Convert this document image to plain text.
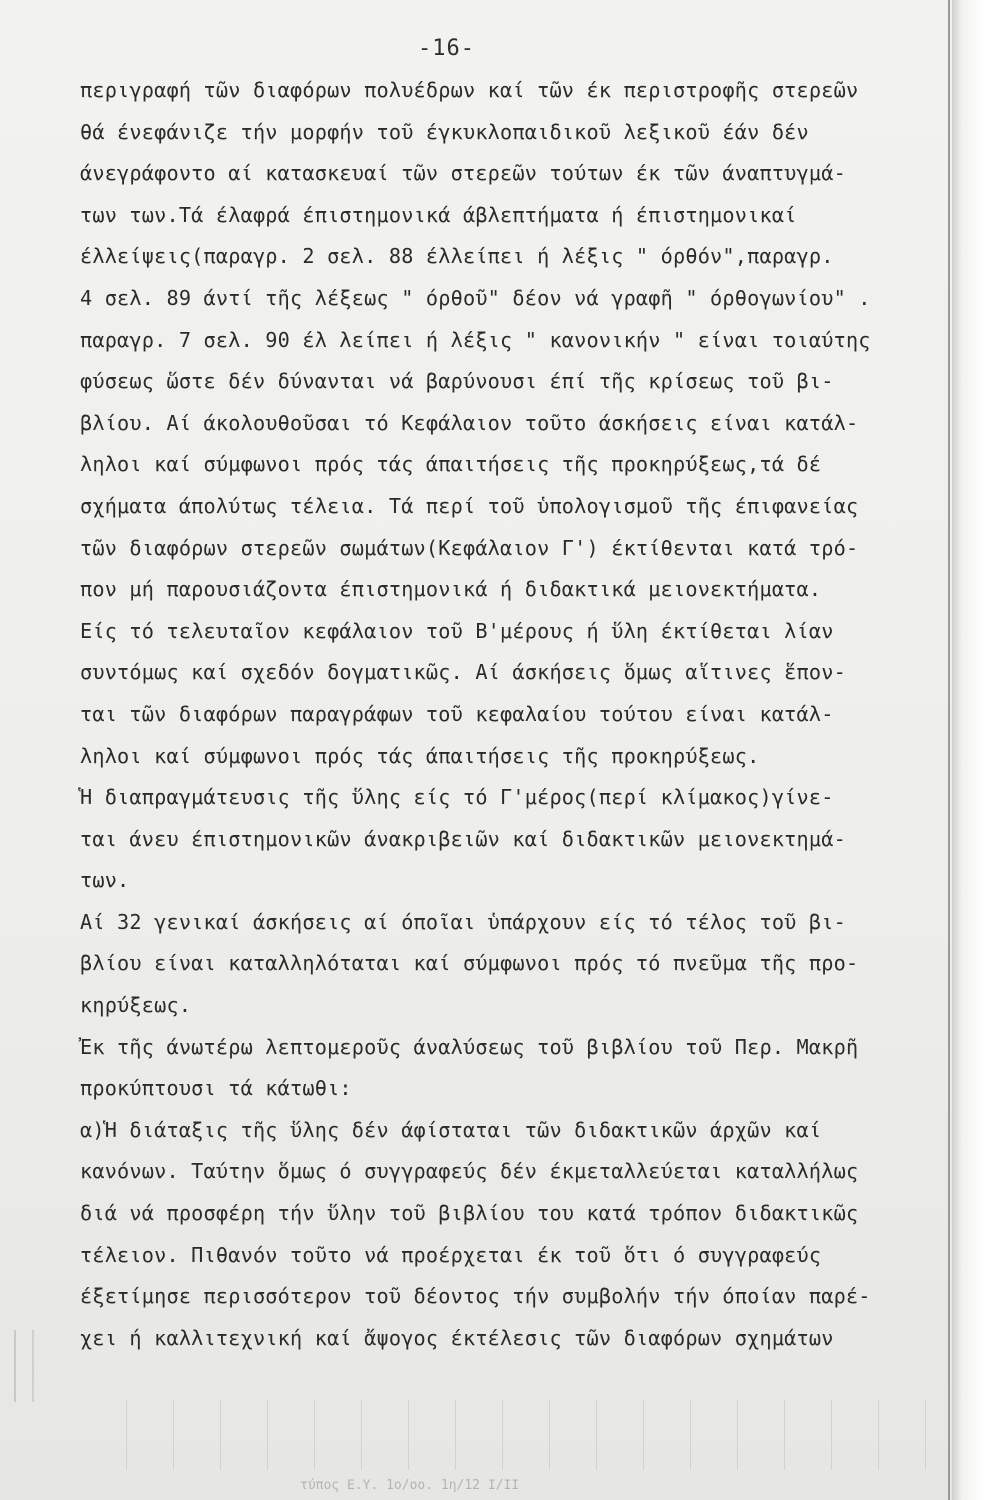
-16-
περιγραφή τῶν διαφόρων πολυέδρων καί τῶν έκ περιστροφῆς στερεῶν
θά ένεφάνιζε τήν μορφήν τοῦ έγκυκλοπαιδικοῦ λεξικοῦ έάν δέν
άνεγράφοντο αί κατασκευαί τῶν στερεῶν τούτων έκ τῶν άναπτυγμά-
των των.Τά έλαφρά έπιστημονικά άβλεπτήματα ή έπιστημονικαί
έλλείψεις(παραγρ. 2 σελ. 88 έλλείπει ή λέξις " όρθόν",παραγρ.
4 σελ. 89 άντί τῆς λέξεως " όρθοῦ" δέον νά γραφῆ " όρθογωνίου" .
παραγρ. 7 σελ. 90 έλ λείπει ή λέξις " κανονικήν " είναι τοιαύτης
φύσεως ὥστε δέν δύνανται νά βαρύνουσι έπί τῆς κρίσεως τοῦ βι-
βλίου. Αί άκολουθοῦσαι τό Κεφάλαιον τοῦτο άσκήσεις είναι κατάλ-
ληλοι καί σύμφωνοι πρός τάς άπαιτήσεις τῆς προκηρύξεως,τά δέ
σχήματα άπολύτως τέλεια. Τά περί τοῦ ὑπολογισμοῦ τῆς έπιφανείας
τῶν διαφόρων στερεῶν σωμάτων(Κεφάλαιον Γ') έκτίθενται κατά τρό-
πον μή παρουσιάζοντα έπιστημονικά ή διδακτικά μειονεκτήματα.
Είς τό τελευταῖον κεφάλαιον τοῦ Β'μέρους ή ὕλη έκτίθεται λίαν
συντόμως καί σχεδόν δογματικῶς. Αί άσκήσεις ὅμως αἵτινες ἕπον-
ται τῶν διαφόρων παραγράφων τοῦ κεφαλαίου τούτου είναι κατάλ-
ληλοι καί σύμφωνοι πρός τάς άπαιτήσεις τῆς προκηρύξεως.
Ἡ διαπραγμάτευσις τῆς ὕλης είς τό Γ'μέρος(περί κλίμακος)γίνε-
ται άνευ έπιστημονικῶν άνακριβειῶν καί διδακτικῶν μειονεκτημά-
των.
Αί 32 γενικαί άσκήσεις αί όποῖαι ὑπάρχουν είς τό τέλος τοῦ βι-
βλίου είναι καταλληλόταται καί σύμφωνοι πρός τό πνεῦμα τῆς προ-
κηρύξεως.
Ἐκ τῆς άνωτέρω λεπτομεροῦς άναλύσεως τοῦ βιβλίου τοῦ Περ. Μακρῆ
προκύπτουσι τά κάτωθι:
α)Ἡ διάταξις τῆς ὕλης δέν άφίσταται τῶν διδακτικῶν άρχῶν καί
κανόνων. Ταύτην ὅμως ό συγγραφεύς δέν έκμεταλλεύεται καταλλήλως
διά νά προσφέρη τήν ὕλην τοῦ βιβλίου του κατά τρόπον διδακτικῶς
τέλειον. Πιθανόν τοῦτο νά προέρχεται έκ τοῦ ὅτι ό συγγραφεύς
έξετίμησε περισσότερον τοῦ δέοντος τήν συμβολήν τήν όποίαν παρέ-
χει ή καλλιτεχνική καί ἄψογος έκτέλεσις τῶν διαφόρων σχημάτων
τύπος Ε.Υ. 1ο/οο. 1η/12 Ι/ΙΙ
